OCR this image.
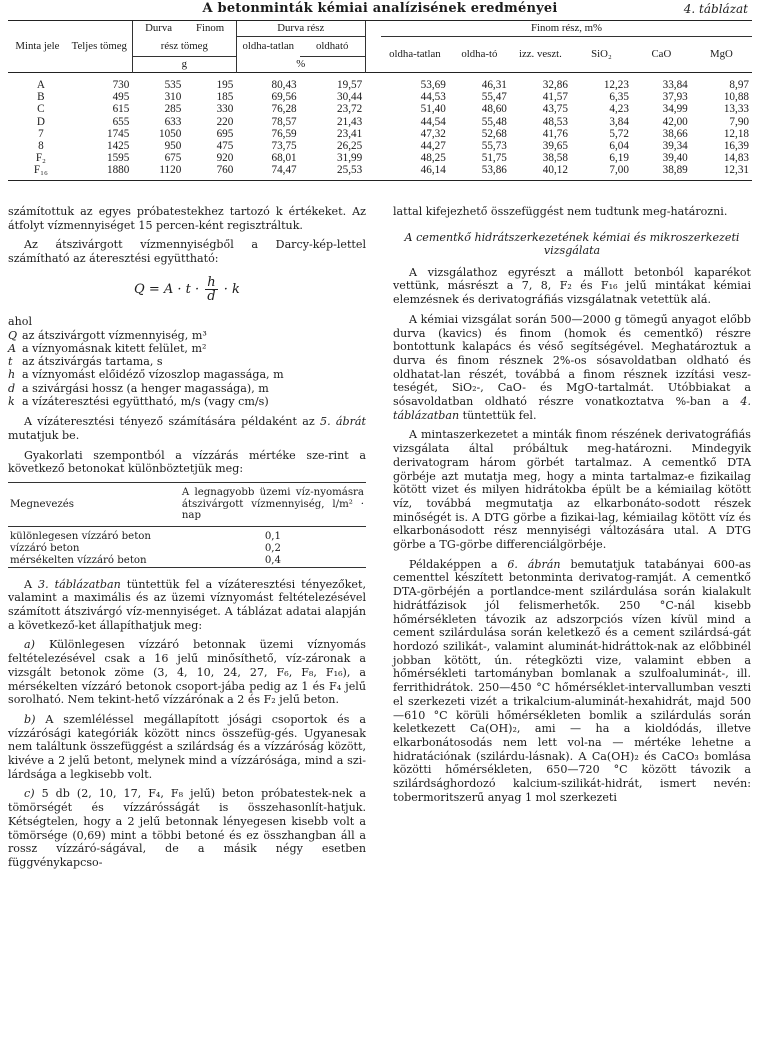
A betonminták kémiai analízisének eredményei	4. táblázat
Minta jele	Teljes tömeg	Durva	Finom	Durva rész			Finom rész, m%					
		rész tömeg		oldha-tatlan	oldható		oldha-tatlan	oldha-tó	izz. veszt.	SiO₂	CaO	MgO
		g		%								
A	730	535	195	80,43	19,57		53,69	46,31	32,86	12,23	33,84	8,97
B	495	310	185	69,56	30,44		44,53	55,47	41,57	6,35	37,93	10,88
C	615	285	330	76,28	23,72		51,40	48,60	43,75	4,23	34,99	13,33
D	655	633	220	78,57	21,43		44,54	55,48	48,53	3,84	42,00	7,90
7	1745	1050	695	76,59	23,41		47,32	52,68	41,76	5,72	38,66	12,18
8	1425	950	475	73,75	26,25		44,27	55,73	39,65	6,04	39,34	16,39
F₂	1595	675	920	68,01	31,99		48,25	51,75	38,58	6,19	39,40	14,83
F₁₆	1880	1120	760	74,47	25,53		46,14	53,86	40,12	7,00	38,89	12,31

számítottuk az egyes próbatestekhez tartozó k értékeket. Az átfolyt vízmennyiséget 15 percen-ként regisztráltuk.

Az átszivárgott vízmennyiségből a Darcy-kép-lettel számítható az áteresztési együttható:

$Q = A \cdot t \cdot \frac{h}{d} \cdot k$
ahol
Q az átszivárgott vízmennyiség, m³
A a víznyomásnak kitett felület, m²
t az átszivárgás tartama, s
h a víznyomást előidéző vízoszlop magassága, m
d a szivárgási hossz (a henger magassága), m
k a vízáteresztési együttható, m/s (vagy cm/s)

A vízáteresztési tényező számítására példaként az 5. ábrát mutatjuk be.

Gyakorlati szempontból a vízzárás mértéke sze-rint a következő betonokat különböztetjük meg:

Megnevezés	A legnagyobb üzemi víz-nyomásra átszivárgott vízmennyiség, l/m² · nap
különlegesen vízzáró beton	0,1
vízzáró beton	0,2
mérsékelten vízzáró beton	0,4

A 3. táblázatban tüntettük fel a vízáteresztési tényezőket, valamint a maximális és az üzemi víznyomást feltételezésével számított átszivárgó víz-mennyiséget. A táblázat adatai alapján a következő-ket állapíthatjuk meg:

a) Különlegesen vízzáró betonnak üzemi víznyomás feltételezésével csak a 16 jelű minősíthető, víz-záronak a vizsgált betonok zöme (3, 4, 10, 24, 27, F₆, F₈, F₁₆), a mérsékelten vízzáró betonok csoport-jába pedig az 1 és F₄ jelű sorolható. Nem tekint-hető vízzárónak a 2 és F₂ jelű beton.

b) A szemléléssel megállapított jósági csoportok és a vízzárósági kategóriák között nincs összefüg-gés. Ugyanesak nem találtunk összefüggést a szilárdság és a vízzáróság között, kivéve a 2 jelű betont, melynek mind a vízzárósága, mind a szi-lárdsága a legkisebb volt.

c) 5 db (2, 10, 17, F₄, F₈ jelű) beton próbatestek-nek a tömörségét és vízzárósságát is összehasonlít-hatjuk. Kétségtelen, hogy a 2 jelű betonnak lényegesen kisebb volt a tömörsége (0,69) mint a többi betoné és ez összhangban áll a rossz vízzáró-ságával, de a másik négy esetben függvénykapcso-

lattal kifejezhető összefüggést nem tudtunk meg-határozni.

A cementkő hidrátszerkezetének kémiai és mikroszerkezeti vizsgálata

A vizsgálathoz egyrészt a mállott betonból kaparékot vettünk, másrészt a 7, 8, F₂ és F₁₆ jelű mintákat kémiai elemzésnek és derivatográfiás vizsgálatnak vetettük alá.

A kémiai vizsgálat során 500—2000 g tömegű anyagot előbb durva (kavics) és finom (homok és cementkő) részre bontottunk kalapács és véső segítségével. Meghatároztuk a durva és finom résznek 2%-os sósavoldatban oldható és oldhatat-lan részét, továbbá a finom résznek izzítási vesz-teségét, SiO₂-, CaO- és MgO-tartalmát. Utóbbiakat a sósavoldatban oldható részre vonatkoztatva %-ban a 4. táblázatban tüntettük fel.

A mintaszerkezetet a minták finom részének derivatográfiás vizsgálata által próbáltuk meg-határozni. Mindegyik derivatogram három görbét tartalmaz. A cementkő DTA görbéje azt mutatja meg, hogy a minta tartalmaz-e fizikailag kötött vizet és milyen hidrátokba épült be a kémiailag kötött víz, továbbá megmutatja az elkarbonáto-sodott részek minőségét is. A DTG görbe a fizikai-lag, kémiailag kötött víz és elkarbonásodott rész mennyiségi változására utal. A DTG görbe a TG-görbe differenciálgörbéje.

Példaképpen a 6. ábrán bemutatjuk tatabányai 600-as cementtel készített betonminta derivatog-ramját. A cementkő DTA-görbéjén a portlandce-ment szilárdulása során kialakult hidrátfázisok jól felismerhetők. 250 °C-nál kisebb hőmérsékleten távozik az adszorpciós vízen kívül mind a cement szilárdulása során keletkező és a cement szilárdsá-gát hordozó szilikát-, valamint aluminát-hidráttok-nak az előbbinél jobban kötött, ún. rétegközti vize, valamint ebben a hőmérsékleti tartományban bomlanak a szulfoaluminát-, ill. ferrithidrátok. 250—450 °C hőmérséklet-intervallumban veszti el szerkezeti vizét a trikalcium-aluminát-hexahidrát, majd 500—610 °C körüli hőmérsékleten bomlik a szilárdulás során keletkezett Ca(OH)₂, ami — ha a kioldódás, illetve elkarbonátosodás nem lett vol-na — mértéke lehetne a hidratációnak (szilárdu-lásnak). A Ca(OH)₂ és CaCO₃ bomlása közötti hőmérsékleten, 650—720 °C között távozik a szilárdsághordozó kalcium-szilikát-hidrát, ismert nevén: tobermoritszerű anyag 1 mol szerkezeti
